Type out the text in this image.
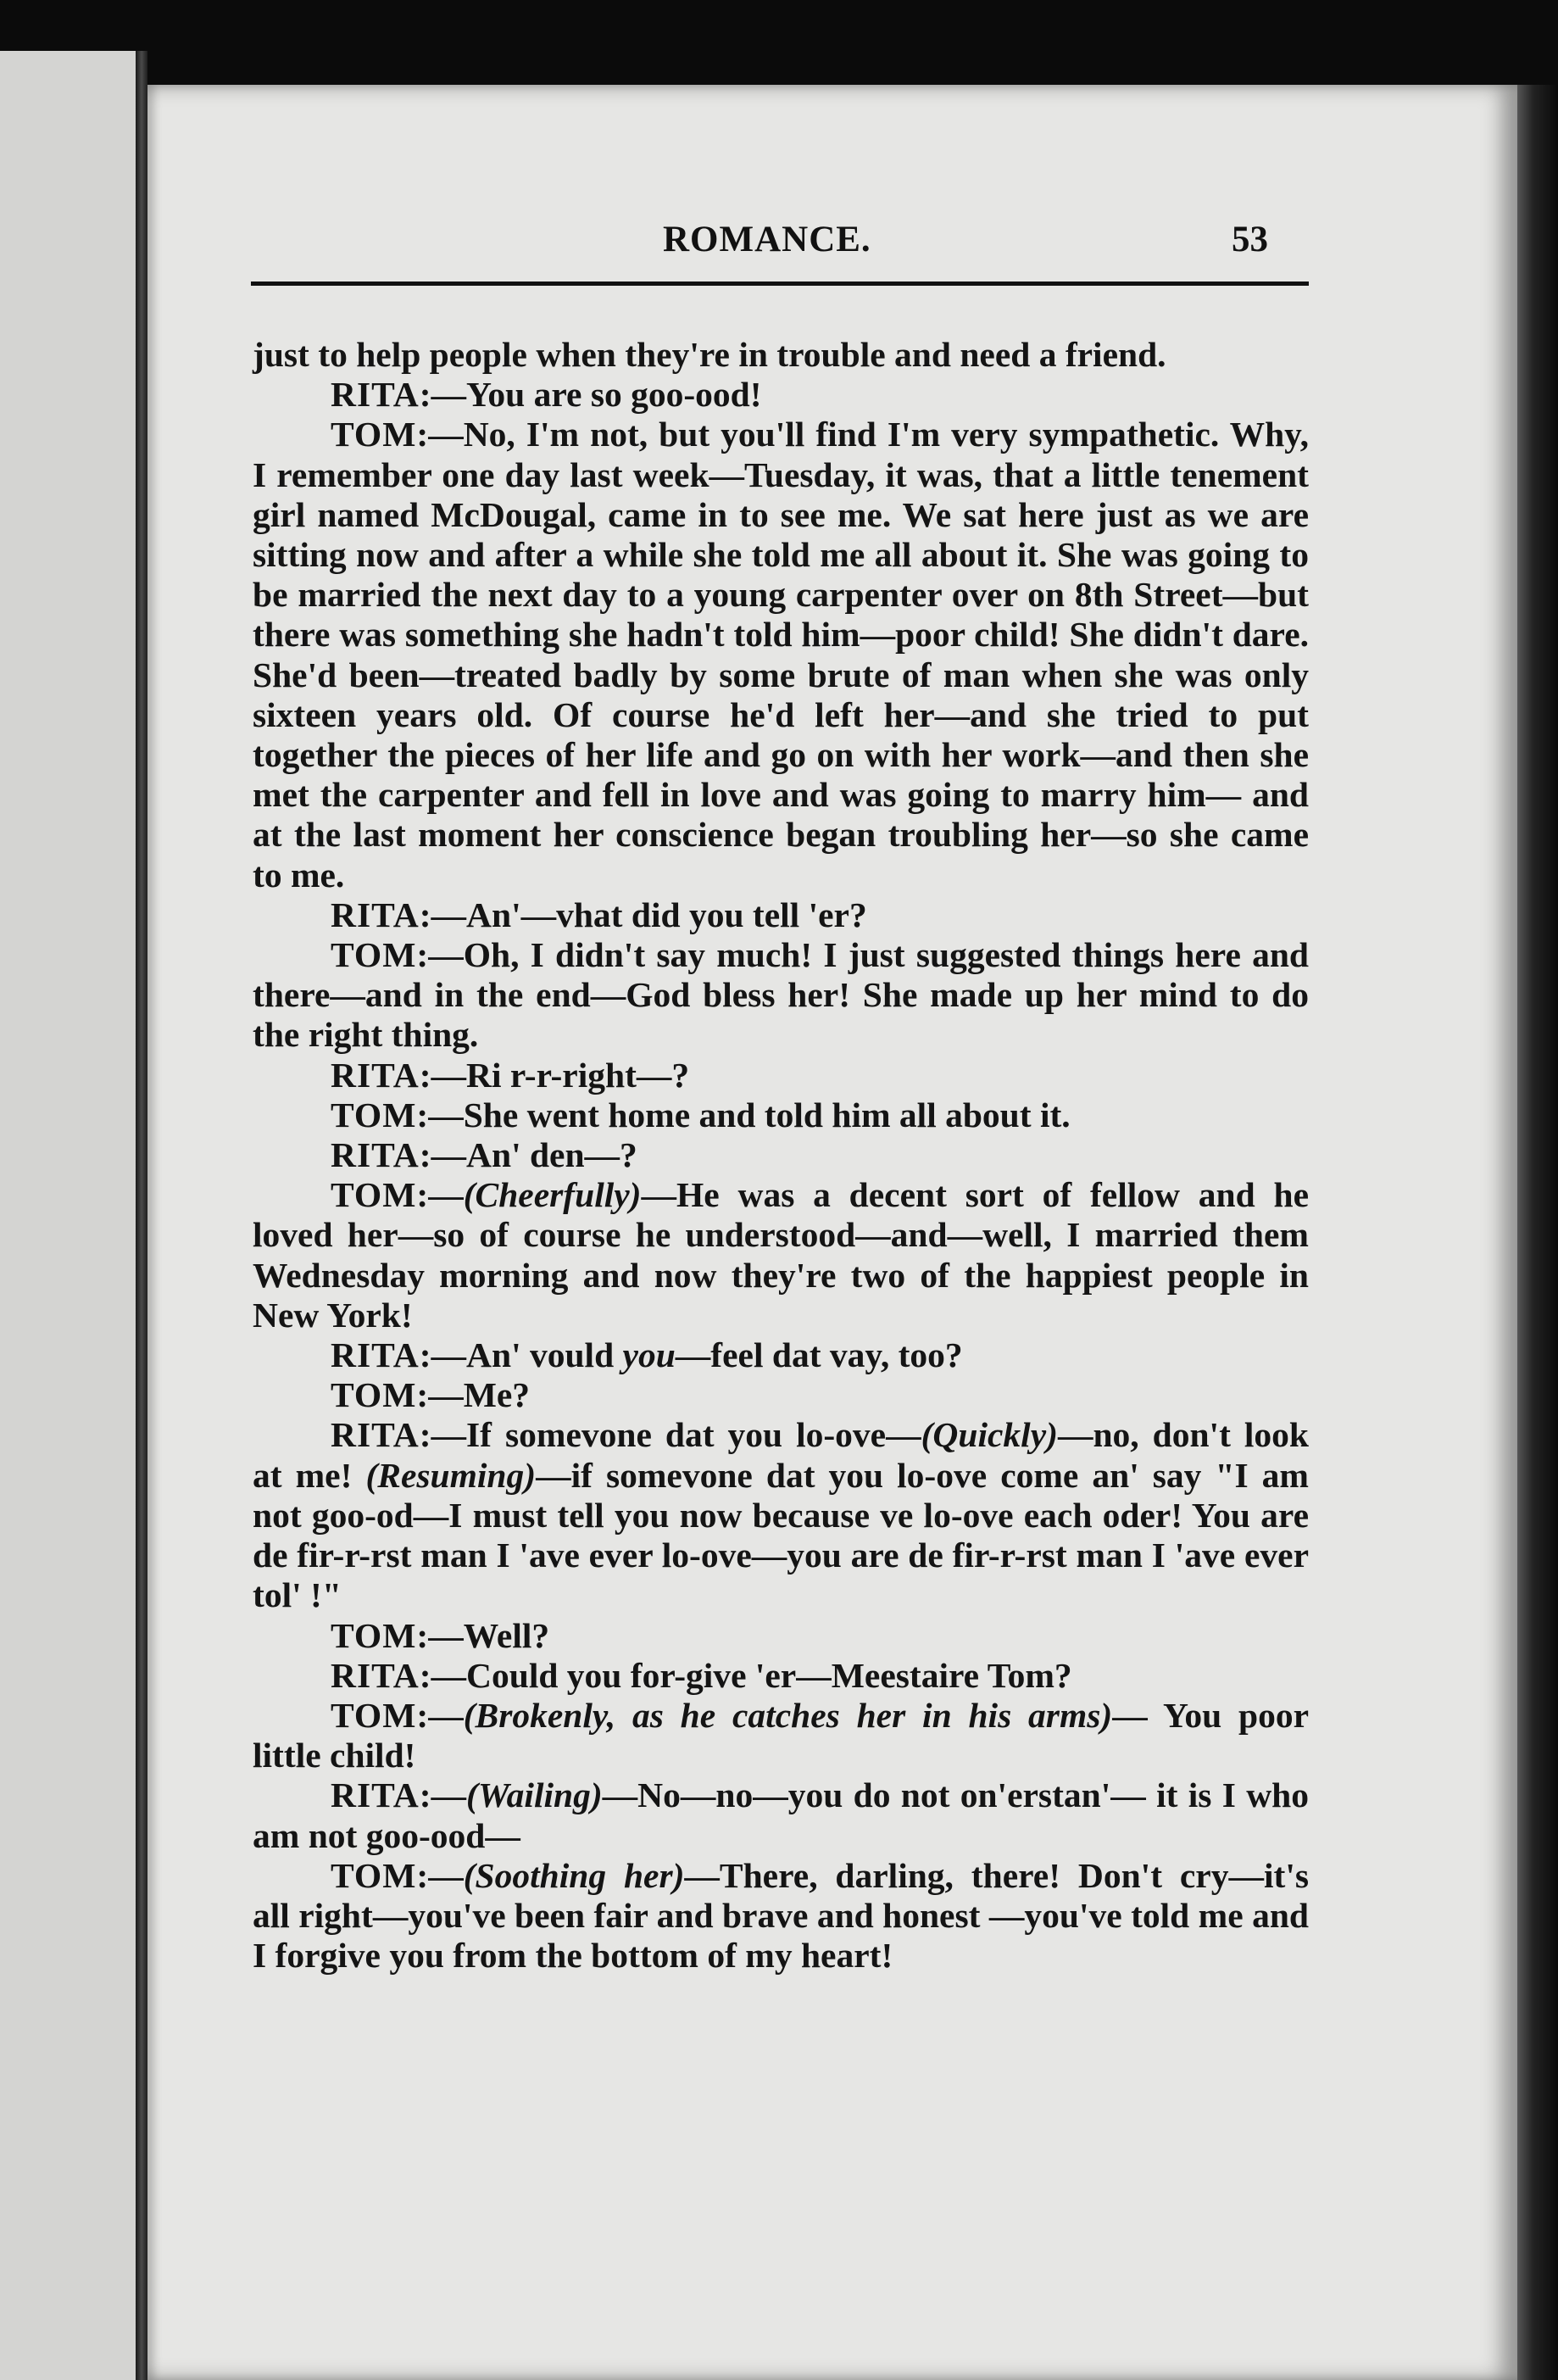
ROMANCE.	53

just to help people when they're in trouble and need a friend.

RITA:—You are so goo-ood!

TOM:—No, I'm not, but you'll find I'm very sympathetic. Why, I remember one day last week—Tuesday, it was, that a little tenement girl named McDougal, came in to see me. We sat here just as we are sitting now and after a while she told me all about it. She was going to be married the next day to a young carpenter over on 8th Street—but there was something she hadn't told him—poor child! She didn't dare. She'd been—treated badly by some brute of man when she was only sixteen years old. Of course he'd left her—and she tried to put together the pieces of her life and go on with her work—and then she met the carpenter and fell in love and was going to marry him— and at the last moment her conscience began troubling her—so she came to me.

RITA:—An'—vhat did you tell 'er?

TOM:—Oh, I didn't say much! I just suggested things here and there—and in the end—God bless her! She made up her mind to do the right thing.

RITA:—Ri r-r-right—?

TOM:—She went home and told him all about it.

RITA:—An' den—?

TOM:—(Cheerfully)—He was a decent sort of fellow and he loved her—so of course he understood—and—well, I married them Wednesday morning and now they're two of the happiest people in New York!

RITA:—An' vould you—feel dat vay, too?

TOM:—Me?

RITA:—If somevone dat you lo-ove—(Quickly)—no, don't look at me! (Resuming)—if somevone dat you lo-ove come an' say "I am not goo-od—I must tell you now because ve lo-ove each oder! You are de fir-r-rst man I 'ave ever lo-ove—you are de fir-r-rst man I 'ave ever tol' !"

TOM:—Well?

RITA:—Could you for-give 'er—Meestaire Tom?

TOM:—(Brokenly, as he catches her in his arms)— You poor little child!

RITA:—(Wailing)—No—no—you do not on'erstan'— it is I who am not goo-ood—

TOM:—(Soothing her)—There, darling, there! Don't cry—it's all right—you've been fair and brave and honest —you've told me and I forgive you from the bottom of my heart!
